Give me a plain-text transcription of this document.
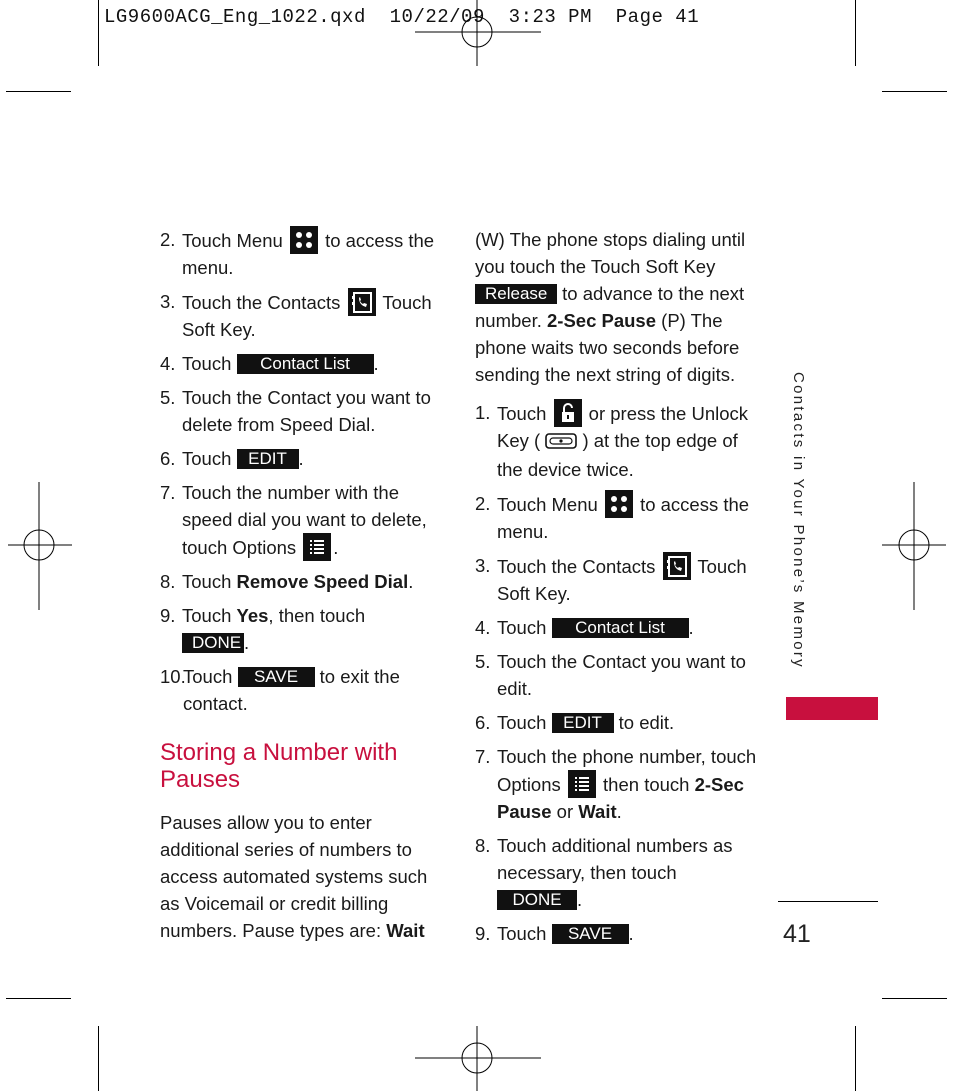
LG9600ACG_Eng_1022.qxd  10/22/09  3:23 PM  Page 41
2. Touch Menu
to access the menu.
3. Touch the Contacts
Touch Soft Key.
4. Touch Contact List .
5. Touch the Contact you want to delete from Speed Dial.
6. Touch EDIT .
7. Touch the number with the speed dial you want to delete, touch Options
.
8. Touch Remove Speed Dial.
9. Touch Yes, then touch
DONE .
10.
Touch SAVE to exit the contact.
Storing a Number with Pauses

Pauses allow you to enter additional series of numbers to access automated systems such as Voicemail or credit billing numbers. Pause types are: Wait

(W) The phone stops dialing until you touch the Touch Soft Key Release to advance to the next number. 2-Sec Pause (P) The phone waits two seconds before sending the next string of digits.

1. Touch
or press the Unlock Key (  ) at the top edge of the device twice.
2. Touch Menu
to access the menu.
3. Touch the Contacts
Touch Soft Key.
4. Touch Contact List .
5. Touch the Contact you want to edit.
6. Touch EDIT to edit.
7. Touch the phone number, touch Options
then touch 2-Sec Pause or Wait.
8. Touch additional numbers as necessary, then touch
DONE .
9. Touch SAVE .
Contacts in Your Phone’s Memory
41
